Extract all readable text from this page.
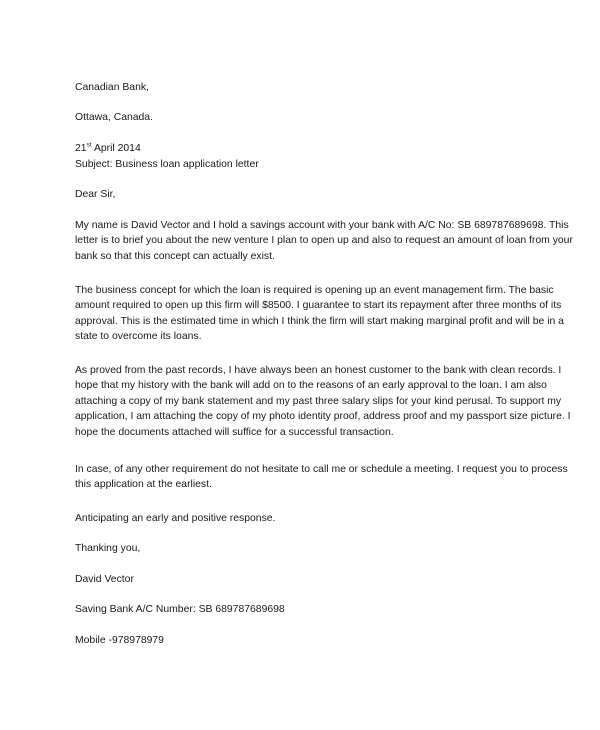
Canadian Bank,
Ottawa, Canada.
21st April 2014
Subject: Business loan application letter
Dear Sir,

My name is David Vector and I hold a savings account with your bank with A/C No: SB 689787689698. This

letter is to brief you about the new venture I plan to open up and also to request an amount of loan from your

bank so that this concept can actually exist.

The business concept for which the loan is required is opening up an event management firm. The basic

amount required to open up this firm will $8500. I guarantee to start its repayment after three months of its

approval. This is the estimated time in which I think the firm will start making marginal profit and will be in a

state to overcome its loans.

As proved from the past records, I have always been an honest customer to the bank with clean records. I

hope that my history with the bank will add on to the reasons of an early approval to the loan. I am also

attaching a copy of my bank statement and my past three salary slips for your kind perusal. To support my

application, I am attaching the copy of my photo identity proof, address proof and my passport size picture. I

hope the documents attached will suffice for a successful transaction.

In case, of any other requirement do not hesitate to call me or schedule a meeting. I request you to process

this application at the earliest.

Anticipating an early and positive response.
Thanking you,
David Vector
Saving Bank A/C Number: SB 689787689698
Mobile -978978979
